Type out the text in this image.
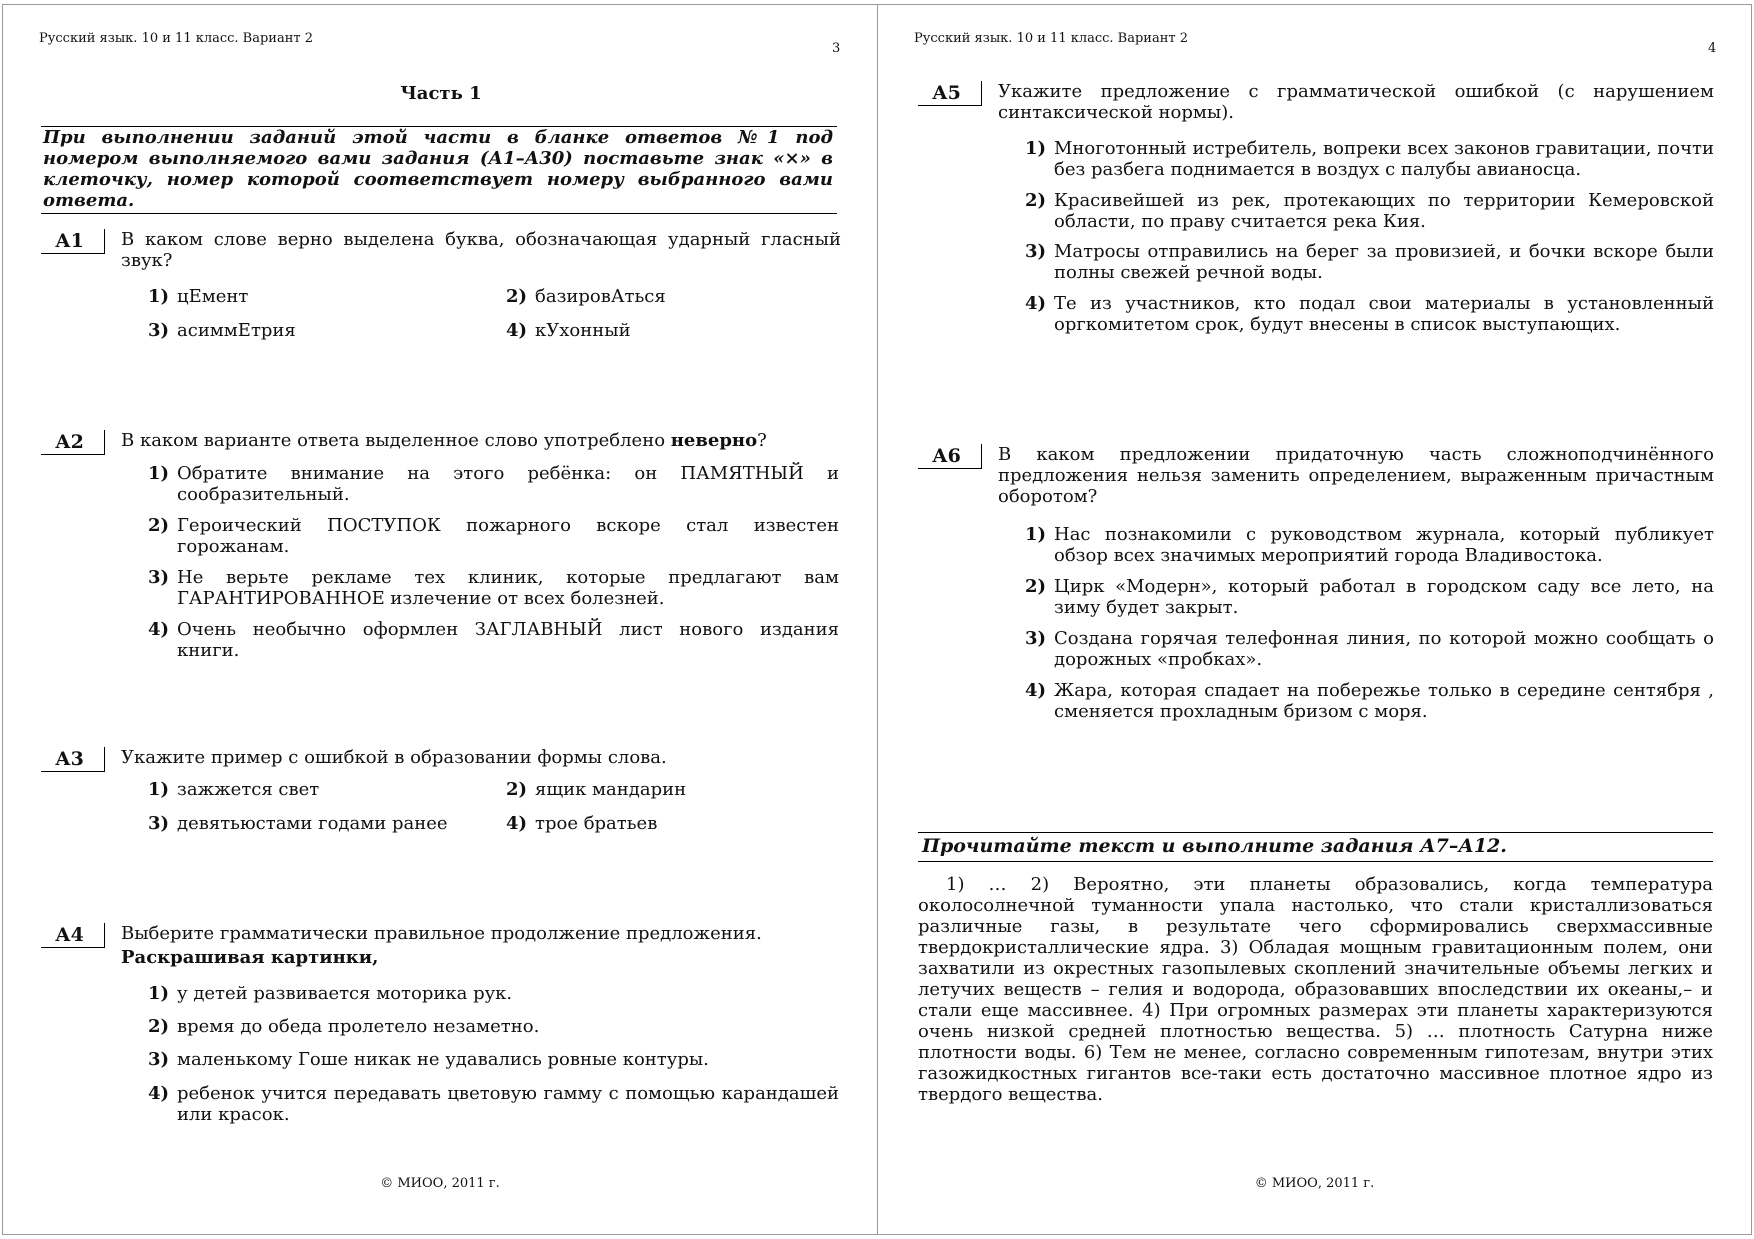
Русский язык. 10 и 11 класс. Вариант 2
3
Часть 1
При выполнении заданий этой части в бланке ответов №1 под номером выполняемого вами задания (А1–А30) поставьте знак «×» в клеточку, номер которой соответствует номеру выбранного вами ответа.
А1	В каком слове верно выделена буква, обозначающая ударный гласный звук?
1) цЕмент	2) базировАться
3) асиммЕтрия	4) кУхонный
А2	В каком варианте ответа выделенное слово употреблено неверно?
1) Обратите внимание на этого ребёнка: он ПАМЯТНЫЙ и сообразительный.
2) Героический ПОСТУПОК пожарного вскоре стал известен горожанам.
3) Не верьте рекламе тех клиник, которые предлагают вам ГАРАНТИРОВАННОЕ излечение от всех болезней.
4) Очень необычно оформлен ЗАГЛАВНЫЙ лист нового издания книги.
А3	Укажите пример с ошибкой в образовании формы слова.
1) зажжется свет	2) ящик мандарин
3) девятьюстами годами ранее	4) трое братьев
А4	Выберите грамматически правильное продолжение предложения.
Раскрашивая картинки,
1) у детей развивается моторика рук.
2) время до обеда пролетело незаметно.
3) маленькому Гоше никак не удавались ровные контуры.
4) ребенок учится передавать цветовую гамму с помощью карандашей или красок.
© МИОО, 2011 г.
Русский язык. 10 и 11 класс. Вариант 2
4
А5	Укажите предложение с грамматической ошибкой (с нарушением синтаксической нормы).
1) Многотонный истребитель, вопреки всех законов гравитации, почти без разбега поднимается в воздух с палубы авианосца.
2) Красивейшей из рек, протекающих по территории Кемеровской области, по праву считается река Кия.
3) Матросы отправились на берег за провизией, и бочки вскоре были полны свежей речной воды.
4) Те из участников, кто подал свои материалы в установленный оргкомитетом срок, будут внесены в список выступающих.
А6	В каком предложении придаточную часть сложноподчинённого предложения нельзя заменить определением, выраженным причастным оборотом?
1) Нас познакомили с руководством журнала, который публикует обзор всех значимых мероприятий города Владивостока.
2) Цирк «Модерн», который работал в городском саду все лето, на зиму будет закрыт.
3) Создана горячая телефонная линия, по которой можно сообщать о дорожных «пробках».
4) Жара, которая спадает на побережье только в середине сентября , сменяется прохладным бризом с моря.
Прочитайте текст и выполните задания А7–А12.
1) … 2) Вероятно, эти планеты образовались, когда температура околосолнечной туманности упала настолько, что стали кристаллизоваться различные газы, в результате чего сформировались сверхмассивные твердокристаллические ядра. 3) Обладая мощным гравитационным полем, они захватили из окрестных газопылевых скоплений значительные объемы легких и летучих веществ – гелия и водорода, образовавших впоследствии их океаны,– и стали еще массивнее. 4) При огромных размерах эти планеты характеризуются очень низкой средней плотностью вещества. 5) … плотность Сатурна ниже плотности воды. 6) Тем не менее, согласно современным гипотезам, внутри этих газожидкостных гигантов все-таки есть достаточно массивное плотное ядро из твердого вещества.
© МИОО, 2011 г.
